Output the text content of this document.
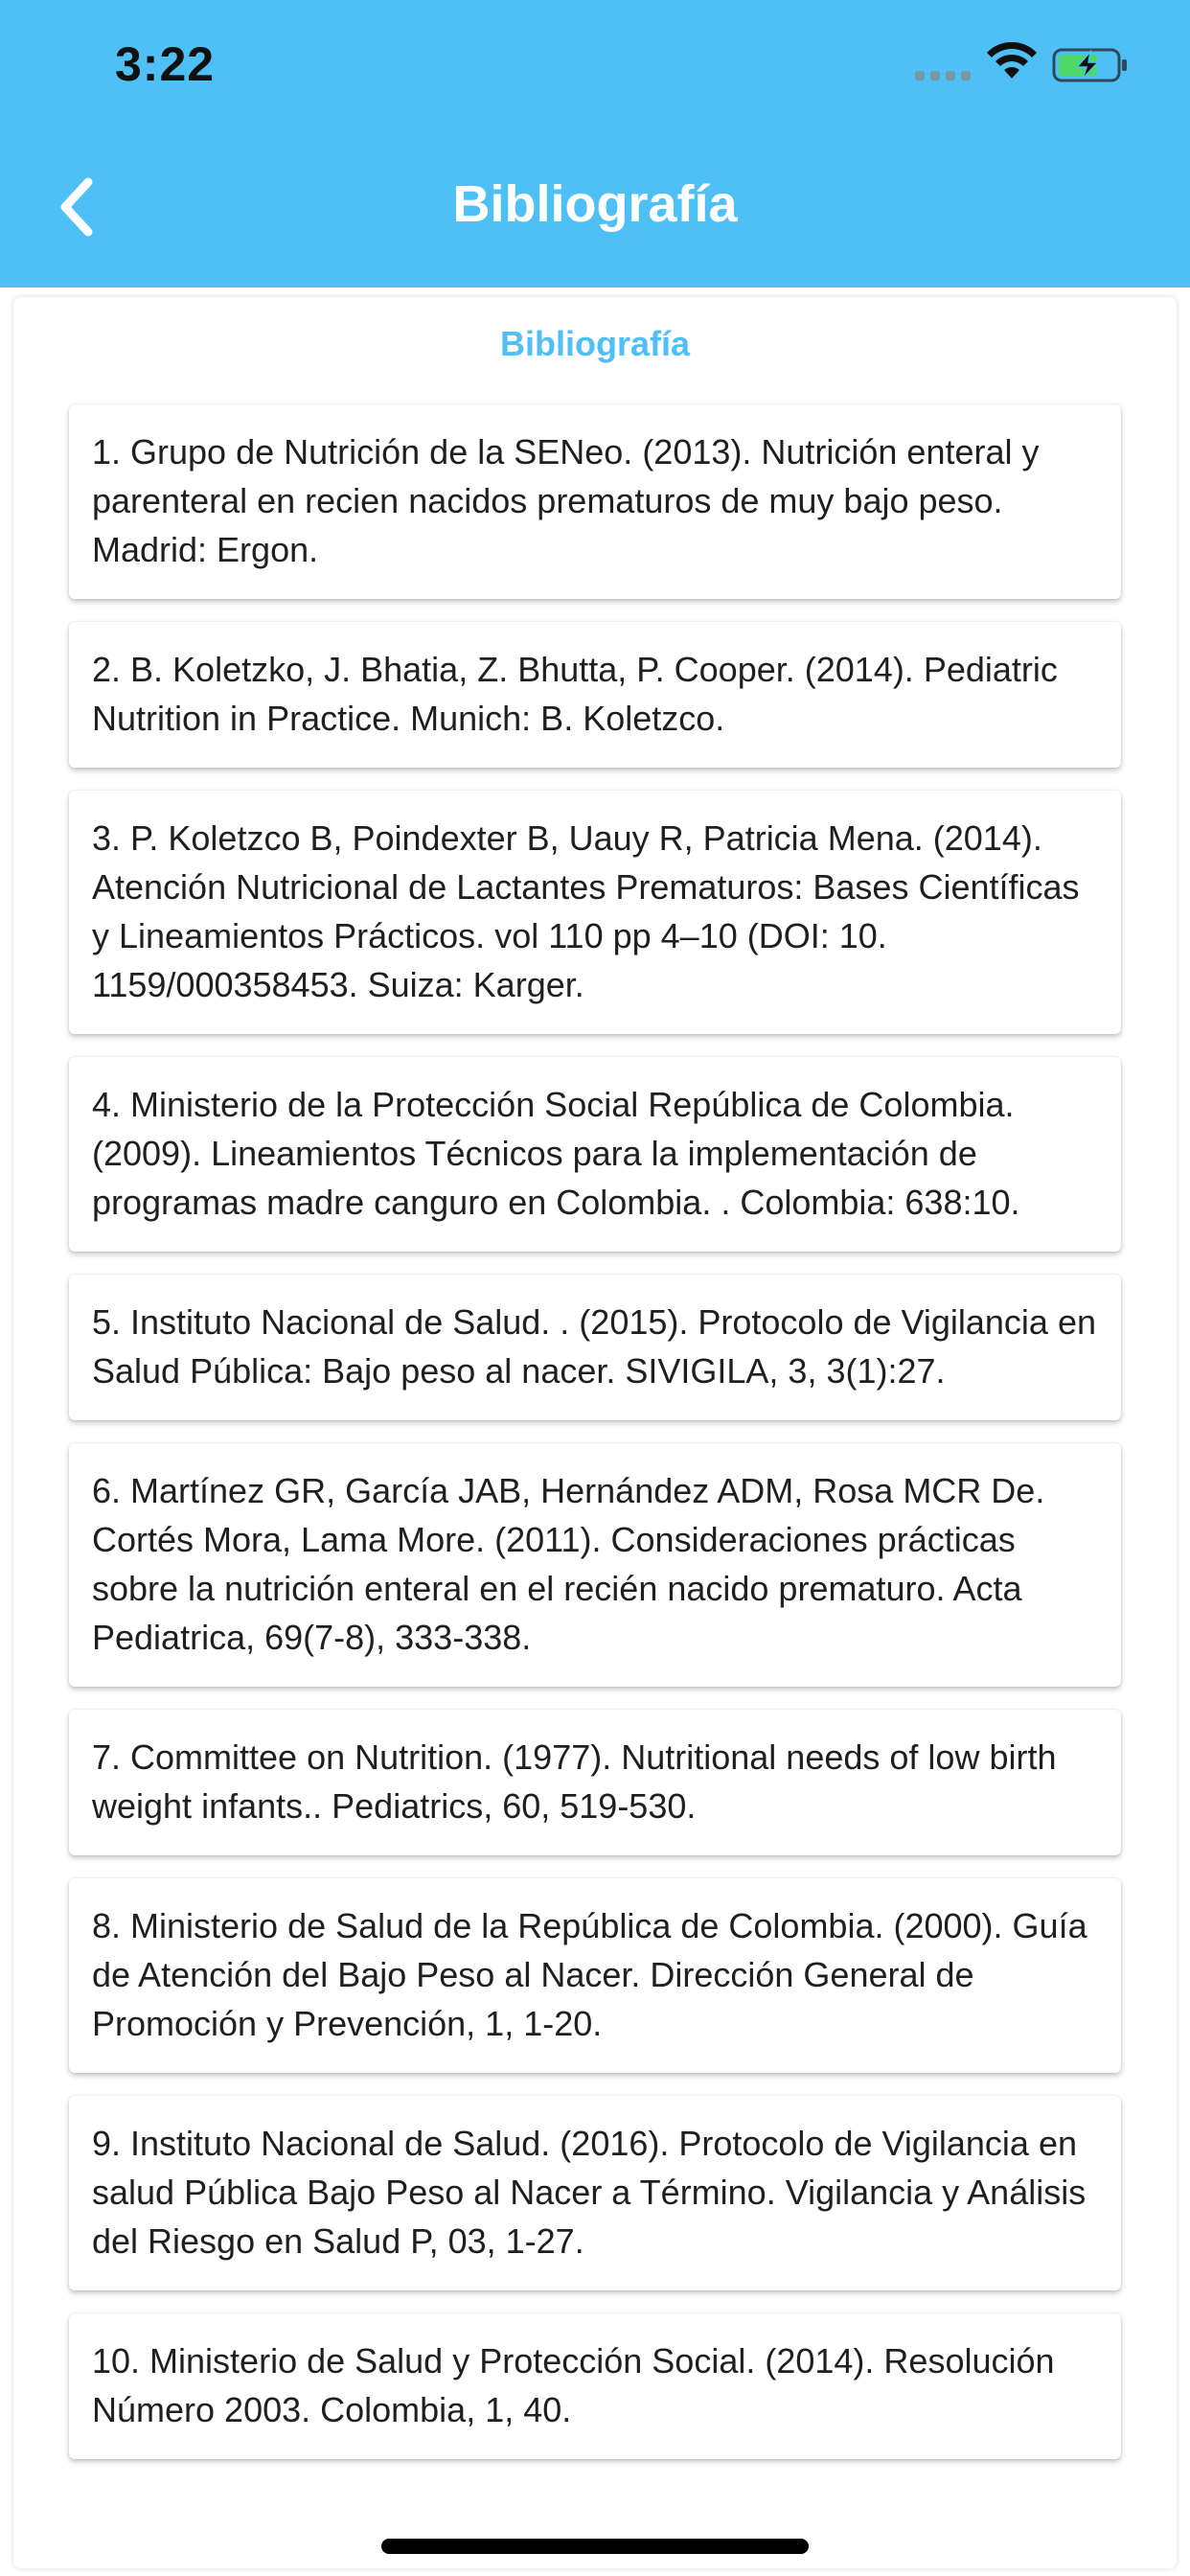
3:22
Bibliografía
Bibliografía
1. Grupo de Nutrición de la SENeo. (2013). Nutrición enteral y parenteral en recien nacidos prematuros de muy bajo peso. Madrid: Ergon.
2. B. Koletzko, J. Bhatia, Z. Bhutta, P. Cooper. (2014). Pediatric Nutrition in Practice. Munich: B. Koletzco.
3. P. Koletzco B, Poindexter B, Uauy R, Patricia Mena. (2014). Atención Nutricional de Lactantes Prematuros: Bases Científicas y Lineamientos Prácticos. vol 110 pp 4–10 (DOI: 10. 1159/000358453. Suiza: Karger.
4. Ministerio de la Protección Social República de Colombia. (2009). Lineamientos Técnicos para la implementación de programas madre canguro en Colombia. . Colombia: 638:10.
5. Instituto Nacional de Salud. . (2015). Protocolo de Vigilancia en Salud Pública: Bajo peso al nacer. SIVIGILA, 3, 3(1):27.
6. Martínez GR, García JAB, Hernández ADM, Rosa MCR De. Cortés Mora, Lama More. (2011). Consideraciones prácticas sobre la nutrición enteral en el recién nacido prematuro. Acta Pediatrica, 69(7-8), 333-338.
7. Committee on Nutrition. (1977). Nutritional needs of low birth weight infants.. Pediatrics, 60, 519-530.
8. Ministerio de Salud de la República de Colombia. (2000). Guía de Atención del Bajo Peso al Nacer. Dirección General de Promoción y Prevención, 1, 1-20.
9. Instituto Nacional de Salud. (2016). Protocolo de Vigilancia en salud Pública Bajo Peso al Nacer a Término. Vigilancia y Análisis del Riesgo en Salud P, 03, 1-27.
10. Ministerio de Salud y Protección Social. (2014). Resolución Número 2003. Colombia, 1, 40.
